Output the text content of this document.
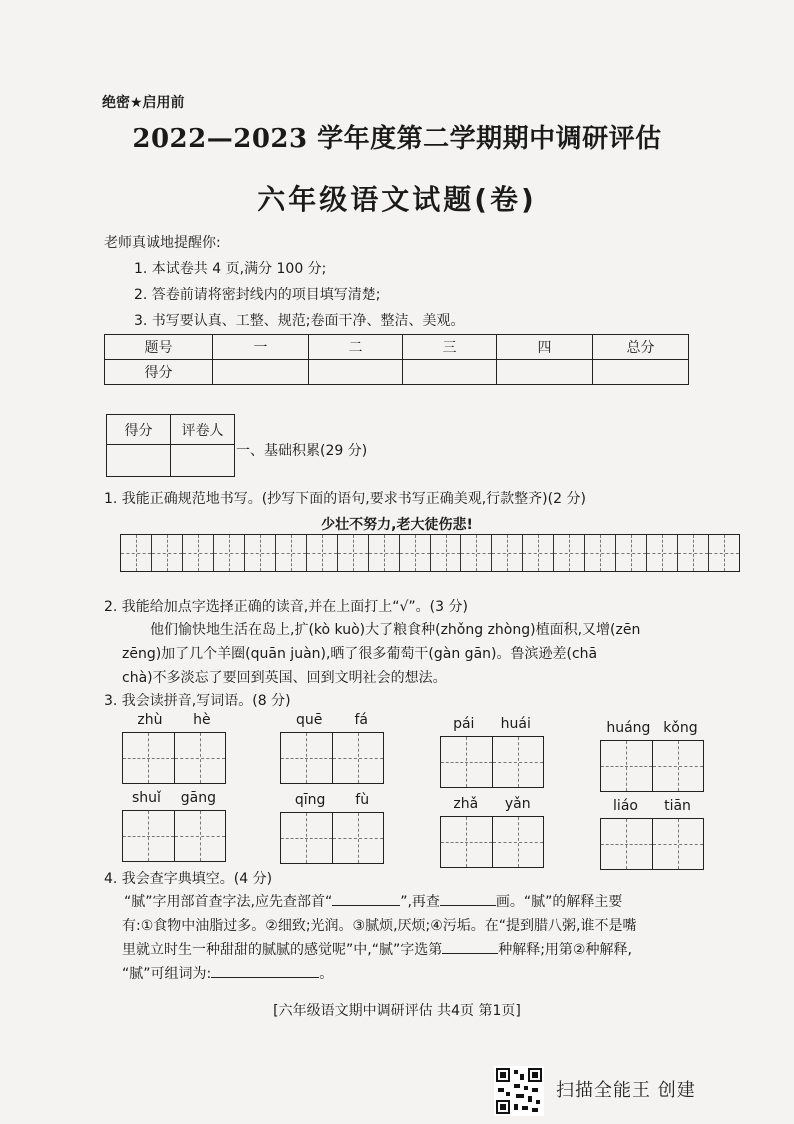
绝密★启用前
2022—2023 学年度第二学期期中调研评估
六年级语文试题(卷)
老师真诚地提醒你:
1. 本试卷共 4 页,满分 100 分;
2. 答卷前请将密封线内的项目填写清楚;
3. 书写要认真、工整、规范;卷面干净、整洁、美观。
题号	一	二	三	四	总分
得分					
得分	评卷人

一、基础积累(29 分)
1. 我能正确规范地书写。(抄写下面的语句,要求书写正确美观,行款整齐)(2 分)
少壮不努力,老大徒伤悲!
2. 我能给加点字选择正确的读音,并在上面打上“√”。(3 分)
他们愉快地生活在岛上,扩(kò kuò)大了粮食种(zhǒng zhòng)植面积,又增(zēn
zēng)加了几个羊圈(quān juàn),晒了很多葡萄干(gàn gān)。鲁滨逊差(chā
chà)不多淡忘了要回到英国、回到文明社会的想法。
3. 我会读拼音,写词语。(8 分)
zhù hè	quē fá	pái huái	huáng kǒng
shuǐ gāng	qīng fù	zhǎ yǎn	liáo tiān
4. 我会查字典填空。(4 分)
“腻”字用部首查字法,应先查部首“	”,再查	画。“腻”的解释主要
有:①食物中油脂过多。②细致;光润。③腻烦,厌烦;④污垢。在“提到腊八粥,谁不是嘴
里就立时生一种甜甜的腻腻的感觉呢”中,“腻”字选第	种解释;用第②种解释,
“腻”可组词为:	。
[六年级语文期中调研评估 共4页 第1页]
扫描全能王 创建
